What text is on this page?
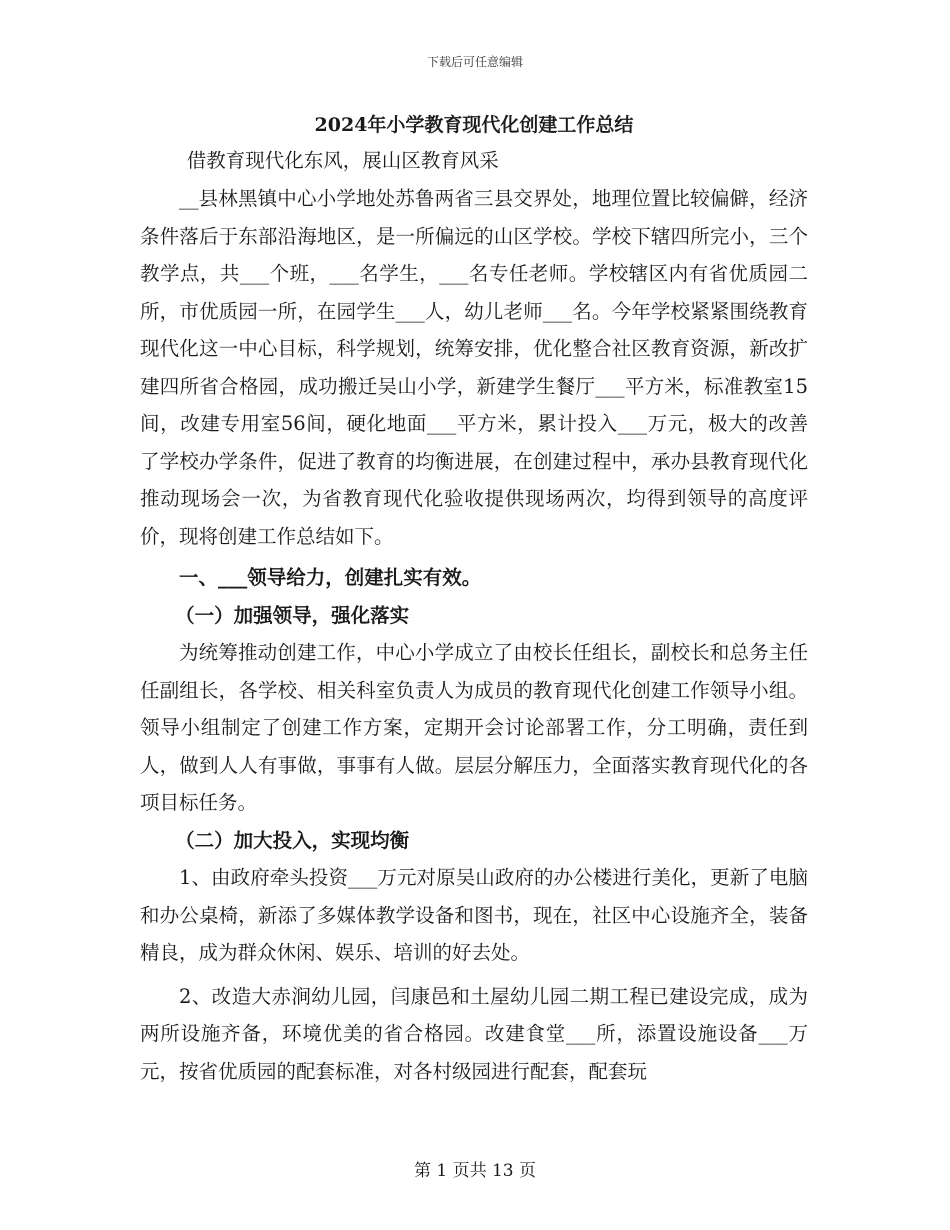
下载后可任意编辑
2024年小学教育现代化创建工作总结

借教育现代化东风，展山区教育风采

__县林黑镇中心小学地处苏鲁两省三县交界处，地理位置比较偏僻，经济条件落后于东部沿海地区，是一所偏远的山区学校。学校下辖四所完小，三个教学点，共___个班，___名学生，___名专任老师。学校辖区内有省优质园二所，市优质园一所，在园学生___人，幼儿老师___名。今年学校紧紧围绕教育现代化这一中心目标，科学规划，统筹安排，优化整合社区教育资源，新改扩建四所省合格园，成功搬迁吴山小学，新建学生餐厅___平方米，标准教室15间，改建专用室56间，硬化地面___平方米，累计投入___万元，极大的改善了学校办学条件，促进了教育的均衡进展，在创建过程中，承办县教育现代化推动现场会一次，为省教育现代化验收提供现场两次，均得到领导的高度评价，现将创建工作总结如下。

一、___领导给力，创建扎实有效。

（一）加强领导，强化落实

为统筹推动创建工作，中心小学成立了由校长任组长，副校长和总务主任任副组长，各学校、相关科室负责人为成员的教育现代化创建工作领导小组。领导小组制定了创建工作方案，定期开会讨论部署工作，分工明确，责任到人，做到人人有事做，事事有人做。层层分解压力，全面落实教育现代化的各项目标任务。

（二）加大投入，实现均衡

1、由政府牵头投资___万元对原吴山政府的办公楼进行美化，更新了电脑和办公桌椅，新添了多媒体教学设备和图书，现在，社区中心设施齐全，装备精良，成为群众休闲、娱乐、培训的好去处。

2、改造大赤涧幼儿园，闫康邑和土屋幼儿园二期工程已建设完成，成为两所设施齐备，环境优美的省合格园。改建食堂___所，添置设施设备___万元，按省优质园的配套标准，对各村级园进行配套，配套玩

第 1 页共 13 页
